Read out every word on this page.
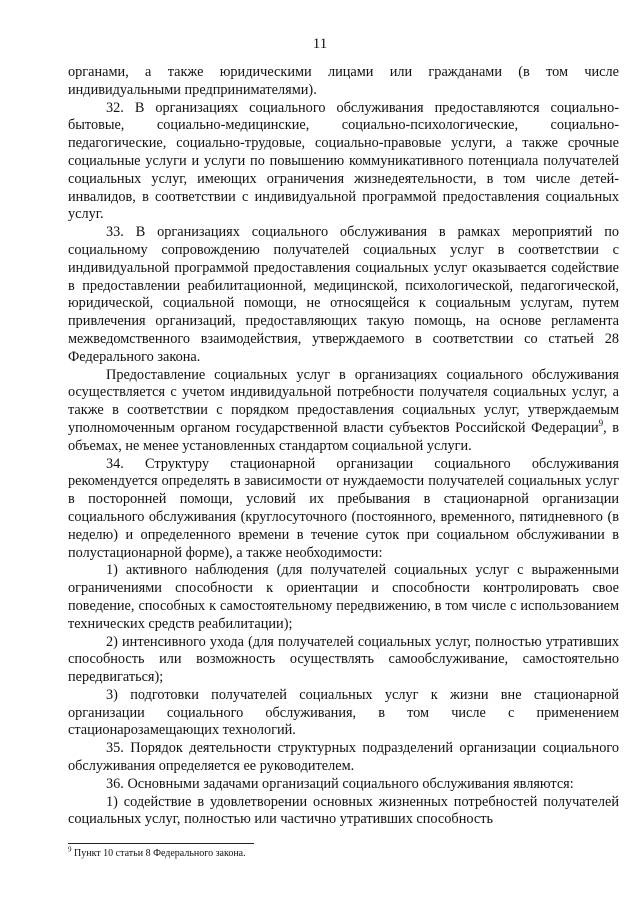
11

органами, а также юридическими лицами или гражданами (в том числе индивидуальными предпринимателями).

32. В организациях социального обслуживания предоставляются социально-бытовые, социально-медицинские, социально-психологические, социально-педагогические, социально-трудовые, социально-правовые услуги, а также срочные социальные услуги и услуги по повышению коммуникативного потенциала получателей социальных услуг, имеющих ограничения жизнедеятельности, в том числе детей-инвалидов, в соответствии с индивидуальной программой предоставления социальных услуг.

33. В организациях социального обслуживания в рамках мероприятий по социальному сопровождению получателей социальных услуг в соответствии с индивидуальной программой предоставления социальных услуг оказывается содействие в предоставлении реабилитационной, медицинской, психологической, педагогической, юридической, социальной помощи, не относящейся к социальным услугам, путем привлечения организаций, предоставляющих такую помощь, на основе регламента межведомственного взаимодействия, утверждаемого в соответствии со статьей 28 Федерального закона.

Предоставление социальных услуг в организациях социального обслуживания осуществляется с учетом индивидуальной потребности получателя социальных услуг, а также в соответствии с порядком предоставления социальных услуг, утверждаемым уполномоченным органом государственной власти субъектов Российской Федерации$^9$, в объемах, не менее установленных стандартом социальной услуги.

34. Структуру стационарной организации социального обслуживания рекомендуется определять в зависимости от нуждаемости получателей социальных услуг в посторонней помощи, условий их пребывания в стационарной организации социального обслуживания (круглосуточного (постоянного, временного, пятидневного (в неделю) и определенного времени в течение суток при социальном обслуживании в полустационарной форме), а также необходимости:

1) активного наблюдения (для получателей социальных услуг с выраженными ограничениями способности к ориентации и способности контролировать свое поведение, способных к самостоятельному передвижению, в том числе с использованием технических средств реабилитации);

2) интенсивного ухода (для получателей социальных услуг, полностью утративших способность или возможность осуществлять самообслуживание, самостоятельно передвигаться);

3) подготовки получателей социальных услуг к жизни вне стационарной организации социального обслуживания, в том числе с применением стационарозамещающих технологий.

35. Порядок деятельности структурных подразделений организации социального обслуживания определяется ее руководителем.

36. Основными задачами организаций социального обслуживания являются:

1) содействие в удовлетворении основных жизненных потребностей получателей социальных услуг, полностью или частично утративших способность

$^9$ Пункт 10 статьи 8 Федерального закона.
